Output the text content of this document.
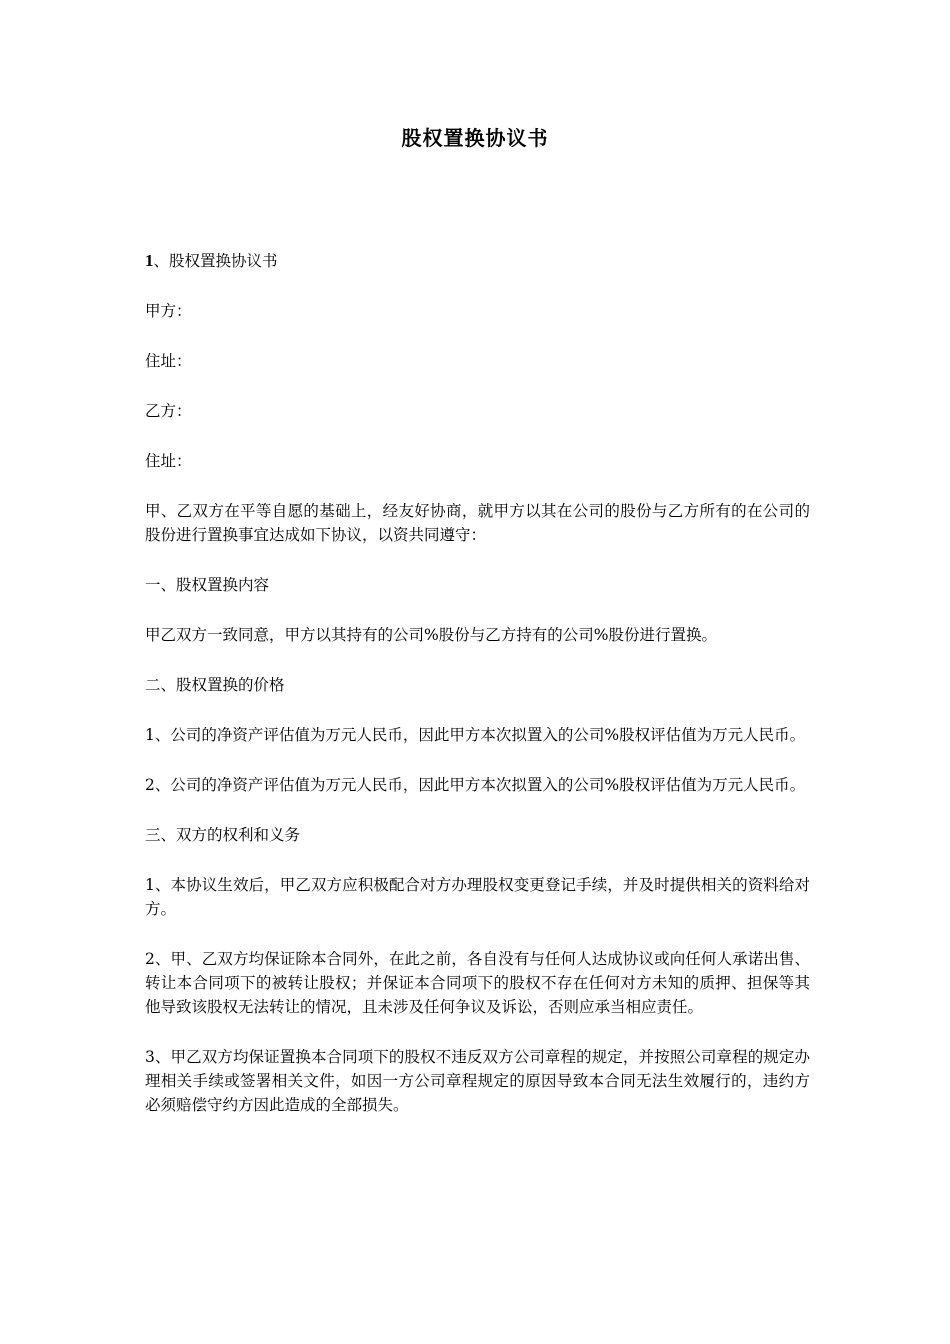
股权置换协议书

1、股权置换协议书

甲方：

住址：

乙方：

住址：

甲、乙双方在平等自愿的基础上，经友好协商，就甲方以其在公司的股份与乙方所有的在公司的股份进行置换事宜达成如下协议，以资共同遵守：

一、股权置换内容

甲乙双方一致同意，甲方以其持有的公司%股份与乙方持有的公司%股份进行置换。

二、股权置换的价格

1、公司的净资产评估值为万元人民币，因此甲方本次拟置入的公司%股权评估值为万元人民币。

2、公司的净资产评估值为万元人民币，因此甲方本次拟置入的公司%股权评估值为万元人民币。

三、双方的权利和义务

1、本协议生效后，甲乙双方应积极配合对方办理股权变更登记手续，并及时提供相关的资料给对方。

2、甲、乙双方均保证除本合同外，在此之前，各自没有与任何人达成协议或向任何人承诺出售、转让本合同项下的被转让股权；并保证本合同项下的股权不存在任何对方未知的质押、担保等其他导致该股权无法转让的情况，且未涉及任何争议及诉讼，否则应承当相应责任。

3、甲乙双方均保证置换本合同项下的股权不违反双方公司章程的规定，并按照公司章程的规定办理相关手续或签署相关文件，如因一方公司章程规定的原因导致本合同无法生效履行的，违约方必须赔偿守约方因此造成的全部损失。
